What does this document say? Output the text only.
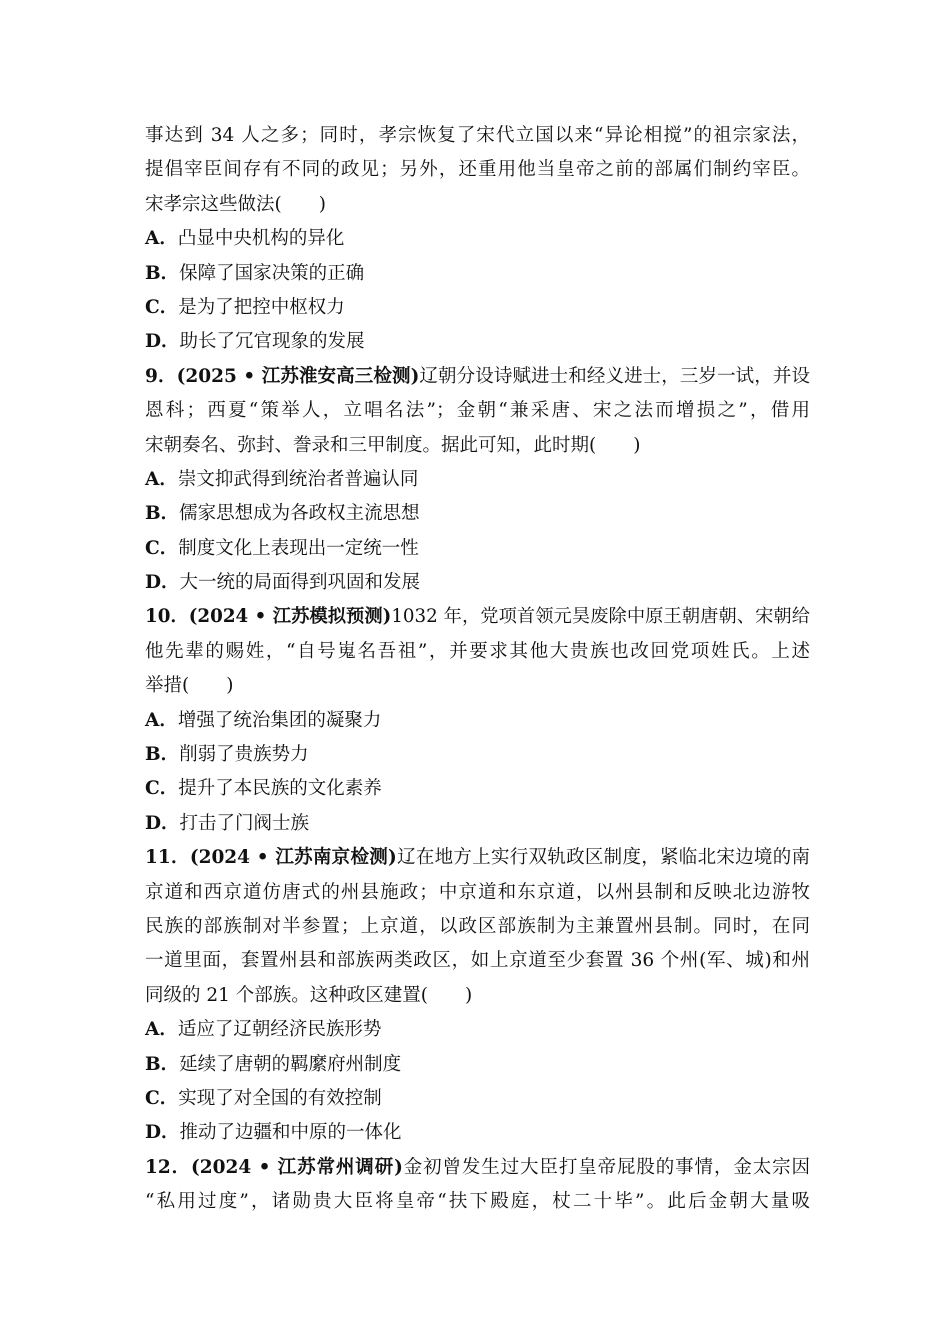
事达到 34 人之多；同时，孝宗恢复了宋代立国以来“异论相搅”的祖宗家法，
提倡宰臣间存有不同的政见；另外，还重用他当皇帝之前的部属们制约宰臣。
宋孝宗这些做法(　　)
A．凸显中央机构的异化
B．保障了国家决策的正确
C．是为了把控中枢权力
D．助长了冗官现象的发展
9．(2025 • 江苏淮安高三检测)辽朝分设诗赋进士和经义进士，三岁一试，并设
恩科；西夏“策举人，立唱名法”；金朝“兼采唐、宋之法而增损之”，借用
宋朝奏名、弥封、誊录和三甲制度。据此可知，此时期(　　)
A．崇文抑武得到统治者普遍认同
B．儒家思想成为各政权主流思想
C．制度文化上表现出一定统一性
D．大一统的局面得到巩固和发展
10．(2024 • 江苏模拟预测)1032 年，党项首领元昊废除中原王朝唐朝、宋朝给
他先辈的赐姓，“自号嵬名吾祖”，并要求其他大贵族也改回党项姓氏。上述
举措(　　)
A．增强了统治集团的凝聚力
B．削弱了贵族势力
C．提升了本民族的文化素养
D．打击了门阀士族
11．(2024 • 江苏南京检测)辽在地方上实行双轨政区制度，紧临北宋边境的南
京道和西京道仿唐式的州县施政；中京道和东京道，以州县制和反映北边游牧
民族的部族制对半参置；上京道，以政区部族制为主兼置州县制。同时，在同
一道里面，套置州县和部族两类政区，如上京道至少套置 36 个州(军、城)和州
同级的 21 个部族。这种政区建置(　　)
A．适应了辽朝经济民族形势
B．延续了唐朝的羁縻府州制度
C．实现了对全国的有效控制
D．推动了边疆和中原的一体化
12．(2024 • 江苏常州调研)金初曾发生过大臣打皇帝屁股的事情，金太宗因
“私用过度”，诸勋贵大臣将皇帝“扶下殿庭，杖二十毕”。此后金朝大量吸
